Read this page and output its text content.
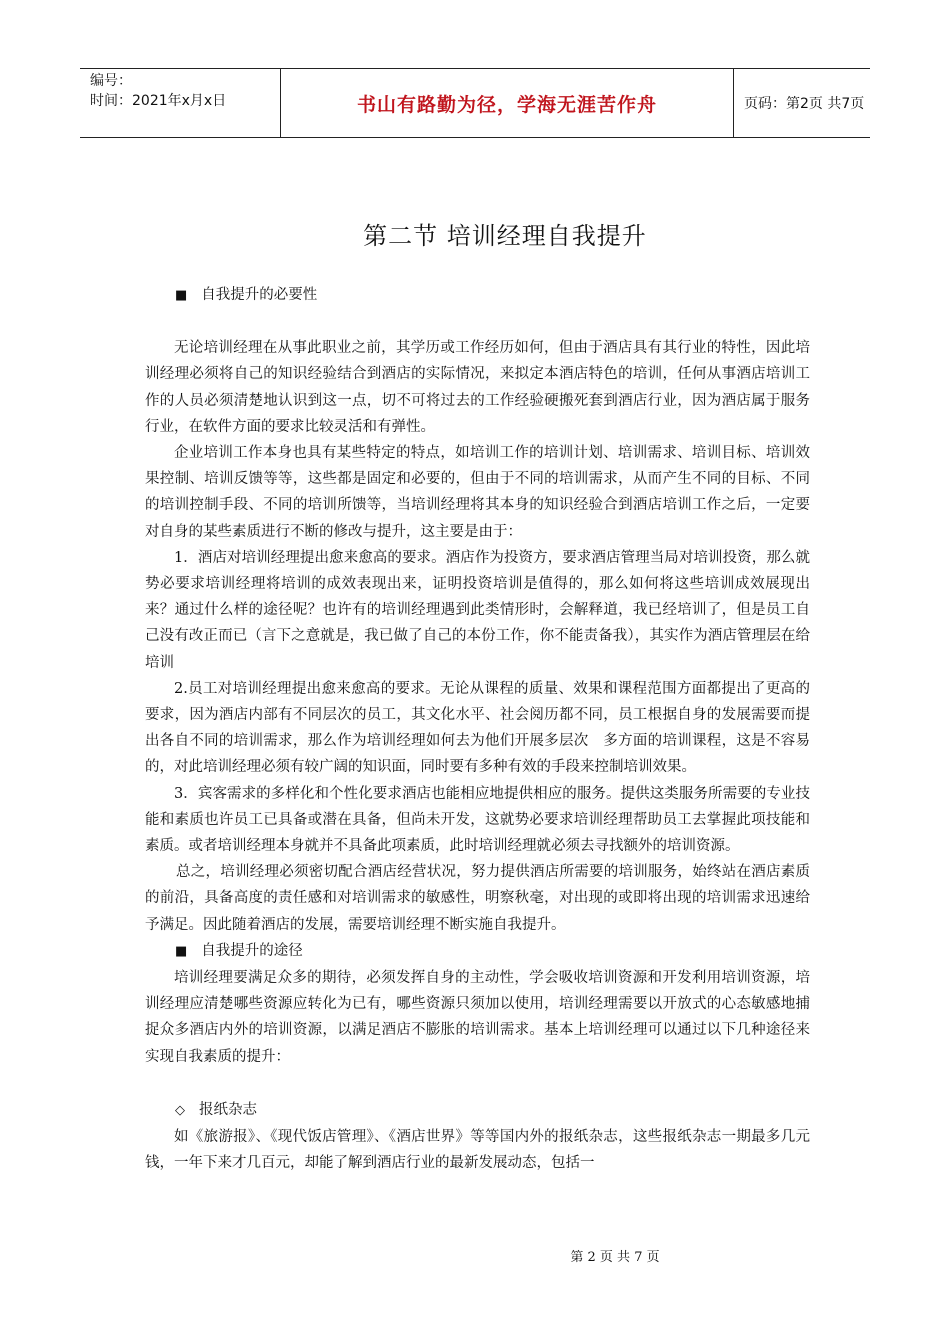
编号：
时间：2021年x月x日	书山有路勤为径，学海无涯苦作舟	页码：第2页 共7页
第二节 培训经理自我提升

■ 自我提升的必要性

无论培训经理在从事此职业之前，其学历或工作经历如何，但由于酒店具有其行业的特性，因此培训经理必须将自己的知识经验结合到酒店的实际情况，来拟定本酒店特色的培训，任何从事酒店培训工作的人员必须清楚地认识到这一点，切不可将过去的工作经验硬搬死套到酒店行业，因为酒店属于服务行业，在软件方面的要求比较灵活和有弹性。

企业培训工作本身也具有某些特定的特点，如培训工作的培训计划、培训需求、培训目标、培训效果控制、培训反馈等等，这些都是固定和必要的，但由于不同的培训需求，从而产生不同的目标、不同的培训控制手段、不同的培训所馈等，当培训经理将其本身的知识经验合到酒店培训工作之后，一定要对自身的某些素质进行不断的修改与提升，这主要是由于：

1．酒店对培训经理提出愈来愈高的要求。酒店作为投资方，要求酒店管理当局对培训投资，那么就势必要求培训经理将培训的成效表现出来，证明投资培训是值得的，那么如何将这些培训成效展现出来？通过什么样的途径呢？也许有的培训经理遇到此类情形时，会解释道，我已经培训了，但是员工自己没有改正而已（言下之意就是，我已做了自己的本份工作，你不能责备我），其实作为酒店管理层在给培训

2.员工对培训经理提出愈来愈高的要求。无论从课程的质量、效果和课程范围方面都提出了更高的要求，因为酒店内部有不同层次的员工，其文化水平、社会阅历都不同，员工根据自身的发展需要而提出各自不同的培训需求，那么作为培训经理如何去为他们开展多层次　多方面的培训课程，这是不容易的，对此培训经理必须有较广阔的知识面，同时要有多种有效的手段来控制培训效果。

3．宾客需求的多样化和个性化要求酒店也能相应地提供相应的服务。提供这类服务所需要的专业技能和素质也许员工已具备或潜在具备，但尚未开发，这就势必要求培训经理帮助员工去掌握此项技能和素质。或者培训经理本身就并不具备此项素质，此时培训经理就必须去寻找额外的培训资源。

总之，培训经理必须密切配合酒店经营状况，努力提供酒店所需要的培训服务，始终站在酒店素质的前沿，具备高度的责任感和对培训需求的敏感性，明察秋毫，对出现的或即将出现的培训需求迅速给予满足。因此随着酒店的发展，需要培训经理不断实施自我提升。

■ 自我提升的途径

培训经理要满足众多的期待，必须发挥自身的主动性，学会吸收培训资源和开发利用培训资源，培训经理应清楚哪些资源应转化为已有，哪些资源只须加以使用，培训经理需要以开放式的心态敏感地捕捉众多酒店内外的培训资源，以满足酒店不膨胀的培训需求。基本上培训经理可以通过以下几种途径来实现自我素质的提升：

◇ 报纸杂志

如《旅游报》、《现代饭店管理》、《酒店世界》等等国内外的报纸杂志，这些报纸杂志一期最多几元钱，一年下来才几百元，却能了解到酒店行业的最新发展动态，包括一

第 2 页 共 7 页
